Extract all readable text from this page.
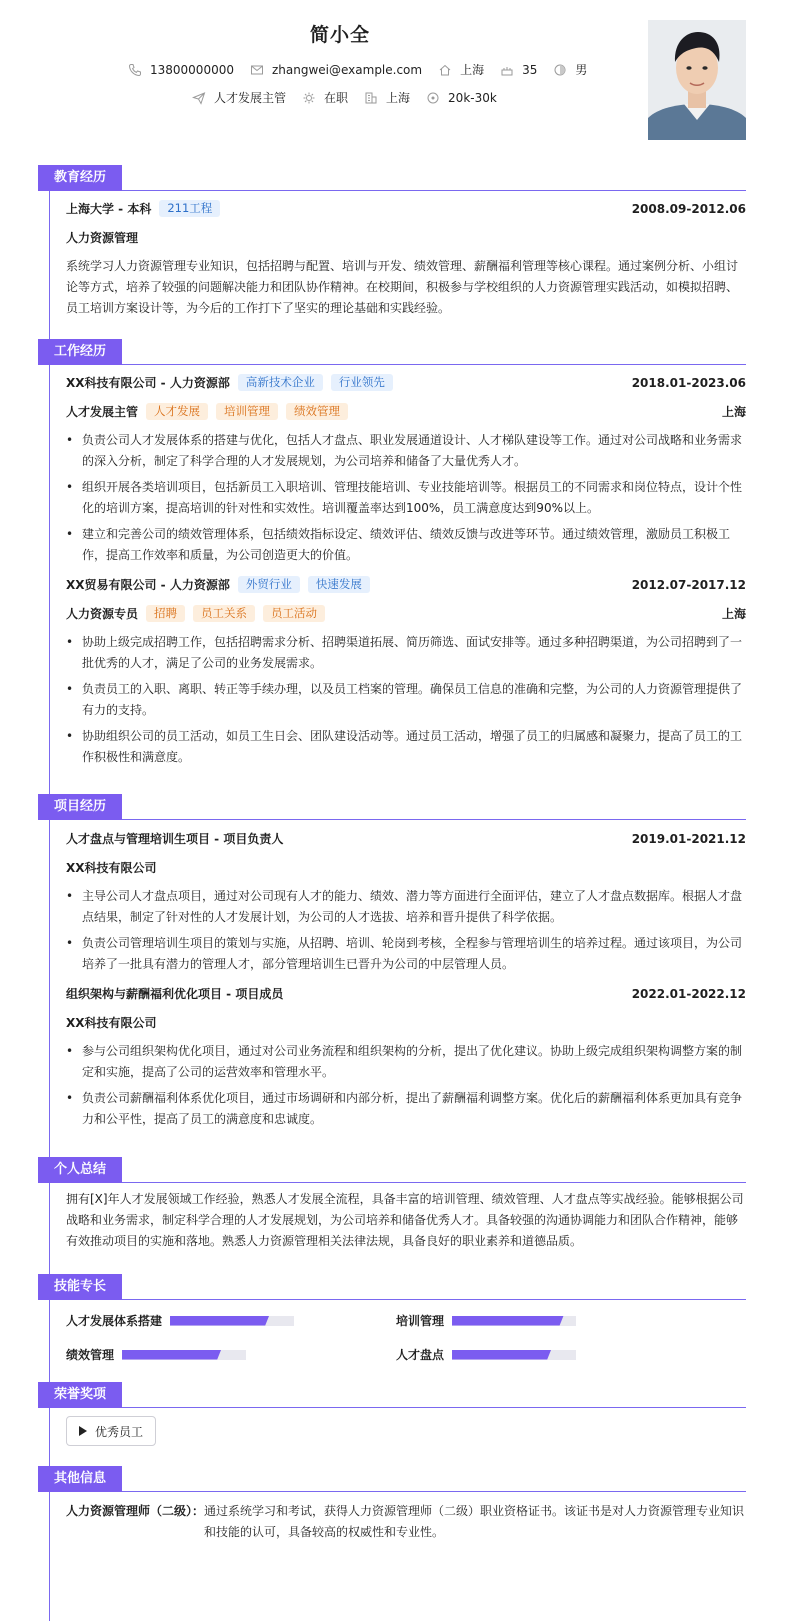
简小全
13800000000	zhangwei@example.com	上海	35	男
人才发展主管	在职	上海	20k-30k
教育经历
上海大学 - 本科	211工程	2008.09-2012.06
人力资源管理
系统学习人力资源管理专业知识，包括招聘与配置、培训与开发、绩效管理、薪酬福利管理等核心课程。通过案例分析、小组讨论等方式，培养了较强的问题解决能力和团队协作精神。在校期间，积极参与学校组织的人力资源管理实践活动，如模拟招聘、员工培训方案设计等，为今后的工作打下了坚实的理论基础和实践经验。
工作经历
XX科技有限公司 - 人力资源部	高新技术企业	行业领先	2018.01-2023.06
人才发展主管	人才发展	培训管理	绩效管理	上海
• 负责公司人才发展体系的搭建与优化，包括人才盘点、职业发展通道设计、人才梯队建设等工作。通过对公司战略和业务需求的深入分析，制定了科学合理的人才发展规划，为公司培养和储备了大量优秀人才。
• 组织开展各类培训项目，包括新员工入职培训、管理技能培训、专业技能培训等。根据员工的不同需求和岗位特点，设计个性化的培训方案，提高培训的针对性和实效性。培训覆盖率达到100%，员工满意度达到90%以上。
• 建立和完善公司的绩效管理体系，包括绩效指标设定、绩效评估、绩效反馈与改进等环节。通过绩效管理，激励员工积极工作，提高工作效率和质量，为公司创造更大的价值。
XX贸易有限公司 - 人力资源部	外贸行业	快速发展	2012.07-2017.12
人力资源专员	招聘	员工关系	员工活动	上海
• 协助上级完成招聘工作，包括招聘需求分析、招聘渠道拓展、简历筛选、面试安排等。通过多种招聘渠道，为公司招聘到了一批优秀的人才，满足了公司的业务发展需求。
• 负责员工的入职、离职、转正等手续办理，以及员工档案的管理。确保员工信息的准确和完整，为公司的人力资源管理提供了有力的支持。
• 协助组织公司的员工活动，如员工生日会、团队建设活动等。通过员工活动，增强了员工的归属感和凝聚力，提高了员工的工作积极性和满意度。
项目经历
人才盘点与管理培训生项目 - 项目负责人	2019.01-2021.12
XX科技有限公司
• 主导公司人才盘点项目，通过对公司现有人才的能力、绩效、潜力等方面进行全面评估，建立了人才盘点数据库。根据人才盘点结果，制定了针对性的人才发展计划，为公司的人才选拔、培养和晋升提供了科学依据。
• 负责公司管理培训生项目的策划与实施，从招聘、培训、轮岗到考核，全程参与管理培训生的培养过程。通过该项目，为公司培养了一批具有潜力的管理人才，部分管理培训生已晋升为公司的中层管理人员。
组织架构与薪酬福利优化项目 - 项目成员	2022.01-2022.12
XX科技有限公司
• 参与公司组织架构优化项目，通过对公司业务流程和组织架构的分析，提出了优化建议。协助上级完成组织架构调整方案的制定和实施，提高了公司的运营效率和管理水平。
• 负责公司薪酬福利体系优化项目，通过市场调研和内部分析，提出了薪酬福利调整方案。优化后的薪酬福利体系更加具有竞争力和公平性，提高了员工的满意度和忠诚度。
个人总结
拥有[X]年人才发展领域工作经验，熟悉人才发展全流程，具备丰富的培训管理、绩效管理、人才盘点等实战经验。能够根据公司战略和业务需求，制定科学合理的人才发展规划，为公司培养和储备优秀人才。具备较强的沟通协调能力和团队合作精神，能够有效推动项目的实施和落地。熟悉人力资源管理相关法律法规，具备良好的职业素养和道德品质。
技能专长
人才发展体系搭建	培训管理
绩效管理	人才盘点
荣誉奖项
优秀员工
其他信息
人力资源管理师（二级）： 通过系统学习和考试，获得人力资源管理师（二级）职业资格证书。该证书是对人力资源管理专业知识和技能的认可，具备较高的权威性和专业性。
